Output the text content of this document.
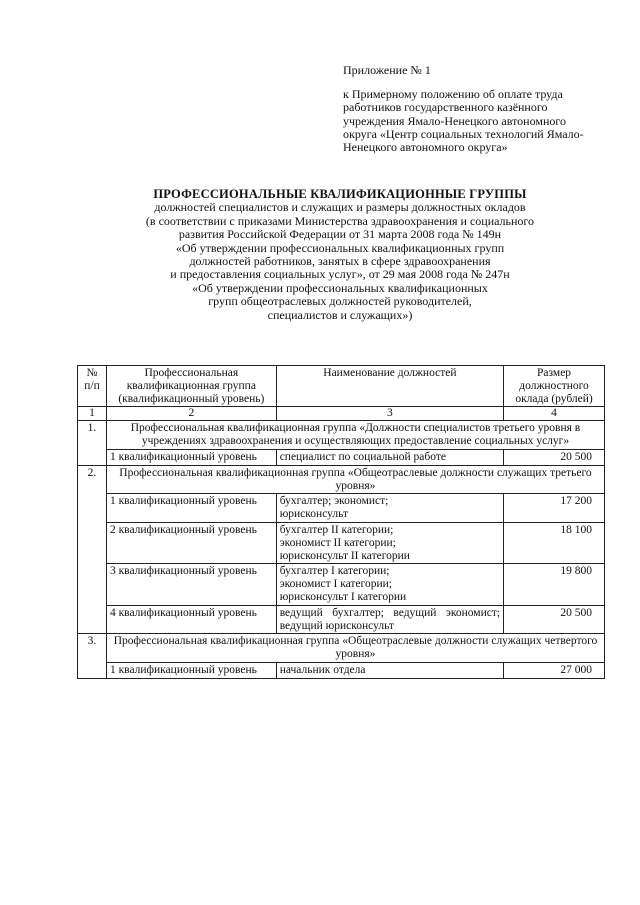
Приложение № 1
к Примерному положению об оплате труда
работников государственного казённого
учреждения Ямало-Ненецкого автономного
округа «Центр социальных технологий Ямало-
Ненецкого автономного округа»
ПРОФЕССИОНАЛЬНЫЕ КВАЛИФИКАЦИОННЫЕ ГРУППЫ
должностей специалистов и служащих и размеры должностных окладов
(в соответствии с приказами Министерства здравоохранения и социального
развития Российской Федерации от 31 марта 2008 года № 149н
«Об утверждении профессиональных квалификационных групп
должностей работников, занятых в сфере здравоохранения
и предоставления социальных услуг», от 29 мая 2008 года № 247н
«Об утверждении профессиональных квалификационных
групп общеотраслевых должностей руководителей,
специалистов и служащих»)
№ п/п	Профессиональная квалификационная группа (квалификационный уровень)	Наименование должностей	Размер должностного оклада (рублей)
1	2	3	4
1.	Профессиональная квалификационная группа «Должности специалистов третьего уровня в учреждениях здравоохранения и осуществляющих предоставление социальных услуг»		
	1 квалификационный уровень	специалист по социальной работе	20 500
2.	Профессиональная квалификационная группа «Общеотраслевые должности служащих третьего уровня»		
	1 квалификационный уровень	бухгалтер; экономист;
юрисконсульт	17 200
	2 квалификационный уровень	бухгалтер II категории;
экономист II категории;
юрисконсульт II категории	18 100
	3 квалификационный уровень	бухгалтер I категории;
экономист I категории;
юрисконсульт I категории	19 800
	4 квалификационный уровень	ведущий бухгалтер; ведущий экономист; ведущий юрисконсульт	20 500
3.	Профессиональная квалификационная группа «Общеотраслевые должности служащих четвертого уровня»		
	1 квалификационный уровень	начальник отдела	27 000
